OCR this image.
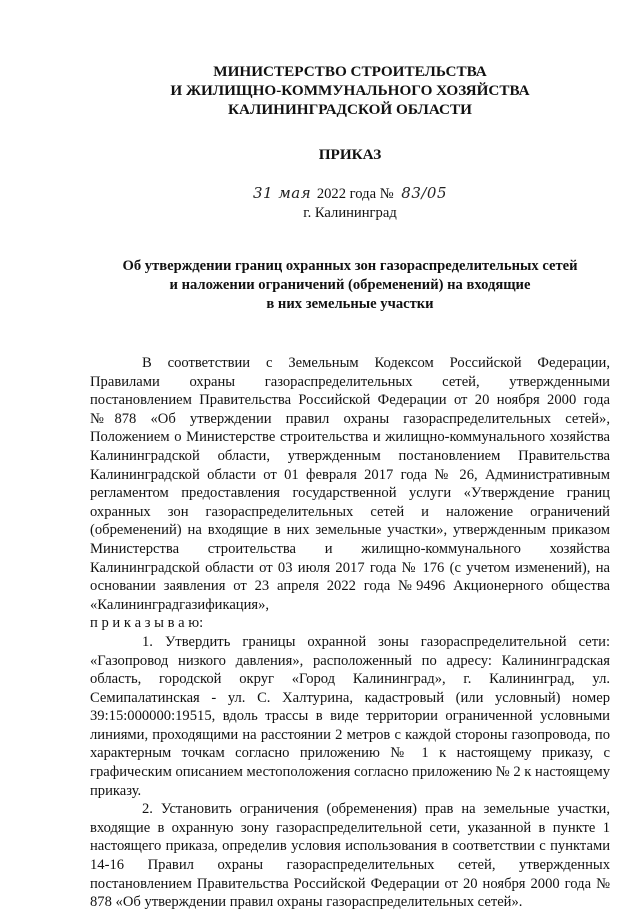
МИНИСТЕРСТВО СТРОИТЕЛЬСТВА
И ЖИЛИЩНО-КОММУНАЛЬНОГО ХОЗЯЙСТВА
КАЛИНИНГРАДСКОЙ ОБЛАСТИ
ПРИКАЗ
31 мая 2022 года № 83/05
г. Калининград
Об утверждении границ охранных зон газораспределительных сетей
и наложении ограничений (обременений) на входящие
в них земельные участки

В соответствии с Земельным Кодексом Российской Федерации, Правилами охраны газораспределительных сетей, утвержденными постановлением Правительства Российской Федерации от 20 ноября 2000 года №878 «Об утверждении правил охраны газораспределительных сетей», Положением о Министерстве строительства и жилищно-коммунального хозяйства Калининградской области, утвержденным постановлением Правительства Калининградской области от 01 февраля 2017 года № 26, Административным регламентом предоставления государственной услуги «Утверждение границ охранных зон газораспределительных сетей и наложение ограничений (обременений) на входящие в них земельные участки», утвержденным приказом Министерства строительства и жилищно-коммунального хозяйства Калининградской области от 03 июля 2017 года № 176 (с учетом изменений), на основании заявления от 23 апреля 2022 года №9496 Акционерного общества «Калининградгазификация»,

п р и к а з ы в а ю:

1. Утвердить границы охранной зоны газораспределительной сети: «Газопровод низкого давления», расположенный по адресу: Калининградская область, городской округ «Город Калининград», г. Калининград, ул. Семипалатинская - ул. С. Халтурина, кадастровый (или условный) номер 39:15:000000:19515, вдоль трассы в виде территории ограниченной условными линиями, проходящими на расстоянии 2 метров с каждой стороны газопровода, по характерным точкам согласно приложению № 1 к настоящему приказу, с графическим описанием местоположения согласно приложению № 2 к настоящему приказу.

2. Установить ограничения (обременения) прав на земельные участки, входящие в охранную зону газораспределительной сети, указанной в пункте 1 настоящего приказа, определив условия использования в соответствии с пунктами 14-16 Правил охраны газораспределительных сетей, утвержденных постановлением Правительства Российской Федерации от 20 ноября 2000 года № 878 «Об утверждении правил охраны газораспределительных сетей».
